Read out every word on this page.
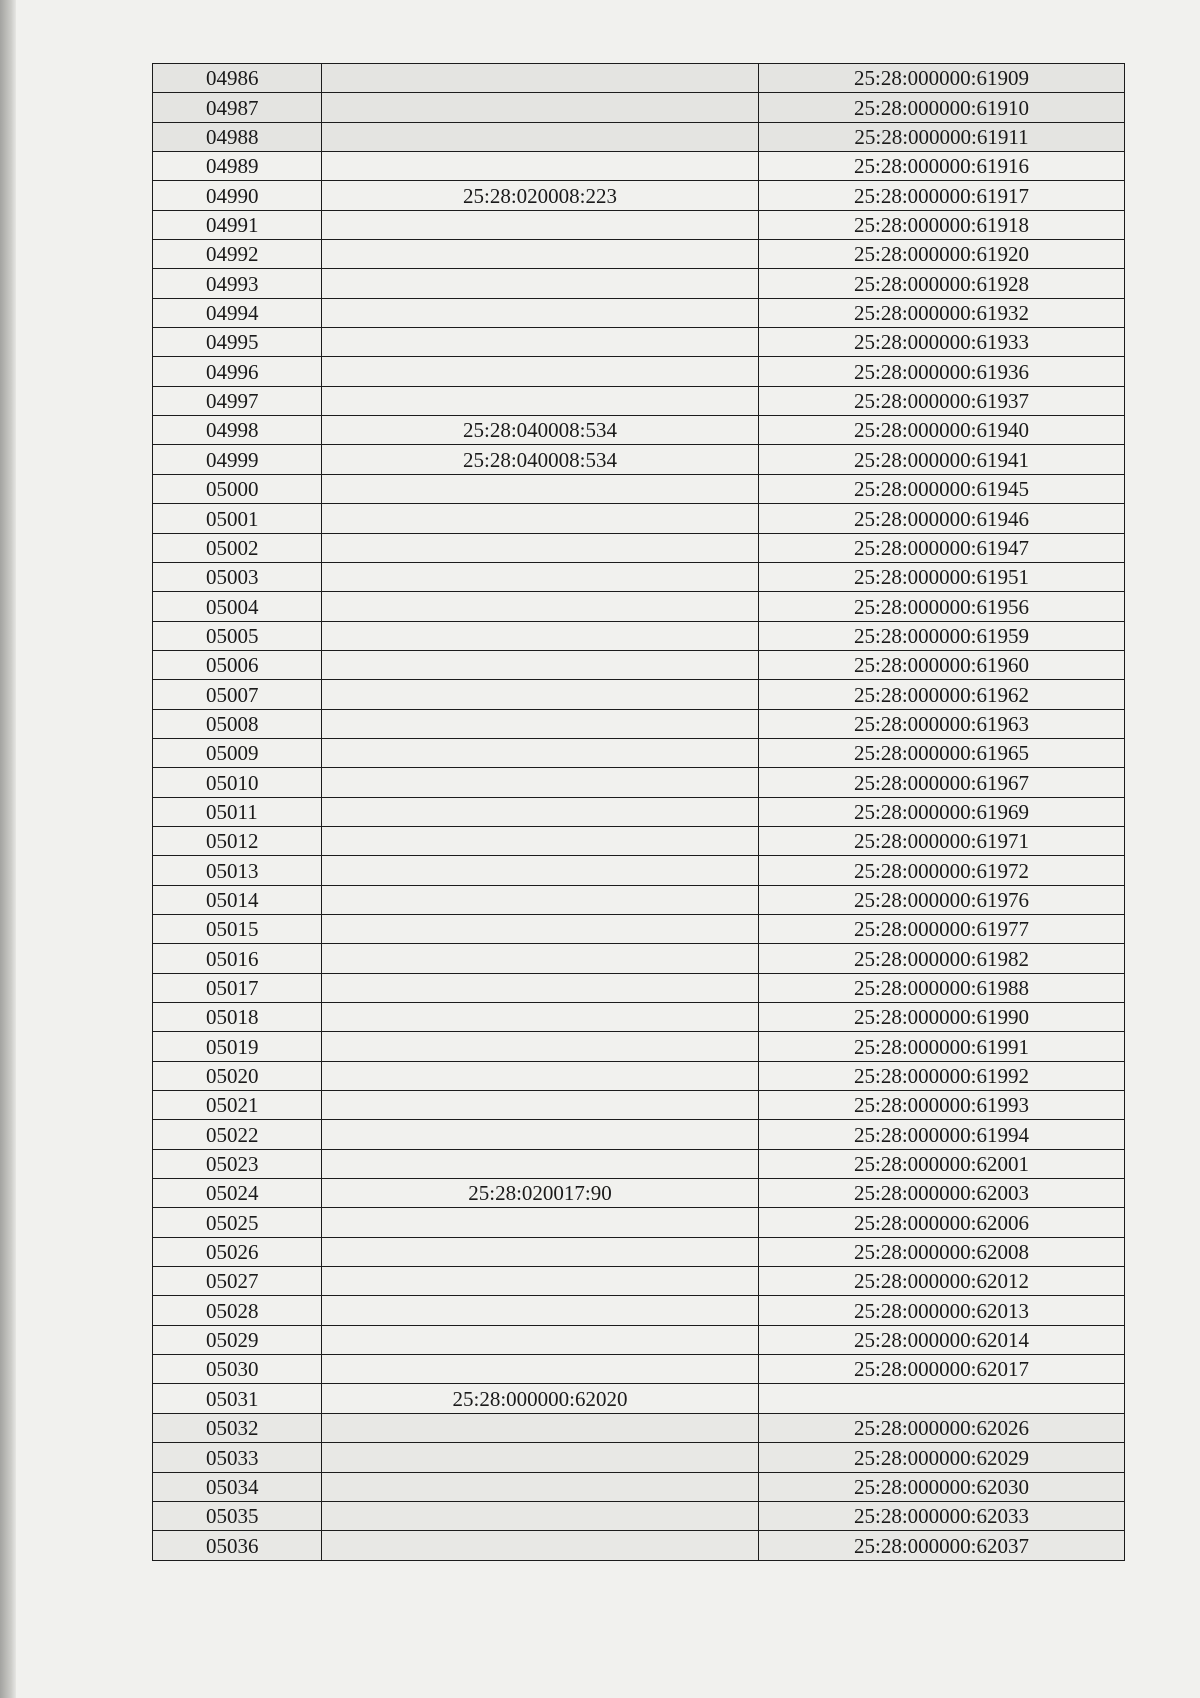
04986		25:28:000000:61909
04987		25:28:000000:61910
04988		25:28:000000:61911
04989		25:28:000000:61916
04990	25:28:020008:223	25:28:000000:61917
04991		25:28:000000:61918
04992		25:28:000000:61920
04993		25:28:000000:61928
04994		25:28:000000:61932
04995		25:28:000000:61933
04996		25:28:000000:61936
04997		25:28:000000:61937
04998	25:28:040008:534	25:28:000000:61940
04999	25:28:040008:534	25:28:000000:61941
05000		25:28:000000:61945
05001		25:28:000000:61946
05002		25:28:000000:61947
05003		25:28:000000:61951
05004		25:28:000000:61956
05005		25:28:000000:61959
05006		25:28:000000:61960
05007		25:28:000000:61962
05008		25:28:000000:61963
05009		25:28:000000:61965
05010		25:28:000000:61967
05011		25:28:000000:61969
05012		25:28:000000:61971
05013		25:28:000000:61972
05014		25:28:000000:61976
05015		25:28:000000:61977
05016		25:28:000000:61982
05017		25:28:000000:61988
05018		25:28:000000:61990
05019		25:28:000000:61991
05020		25:28:000000:61992
05021		25:28:000000:61993
05022		25:28:000000:61994
05023		25:28:000000:62001
05024	25:28:020017:90	25:28:000000:62003
05025		25:28:000000:62006
05026		25:28:000000:62008
05027		25:28:000000:62012
05028		25:28:000000:62013
05029		25:28:000000:62014
05030		25:28:000000:62017
05031	25:28:000000:62020	
05032		25:28:000000:62026
05033		25:28:000000:62029
05034		25:28:000000:62030
05035		25:28:000000:62033
05036		25:28:000000:62037
